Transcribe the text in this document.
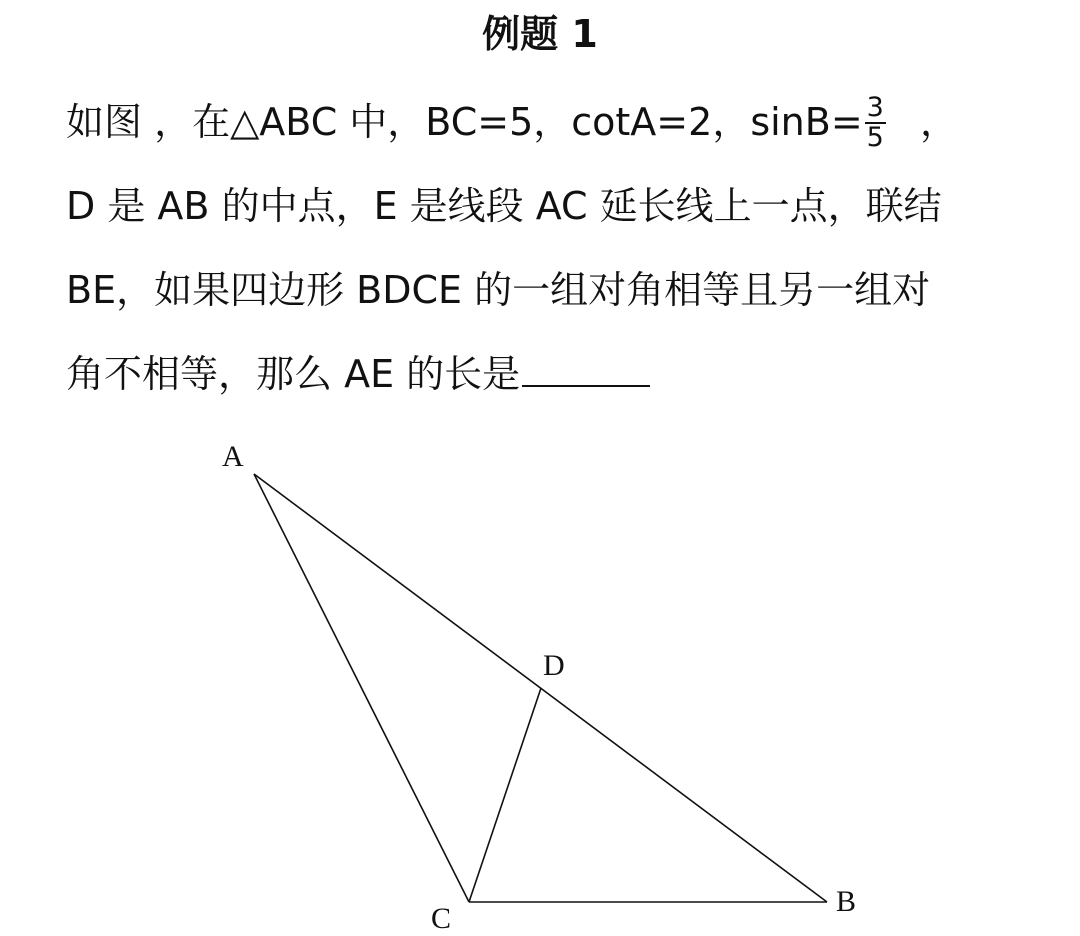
例题 1
如图 ，在△ABC 中，BC=5，cotA=2，$\sin B= \frac{3}{5}$ ，
D 是 AB 的中点，E 是线段 AC 延长线上一点，联结
BE，如果四边形 BDCE 的一组对角相等且另一组对
角不相等，那么 AE 的长是
A
D
C
B
